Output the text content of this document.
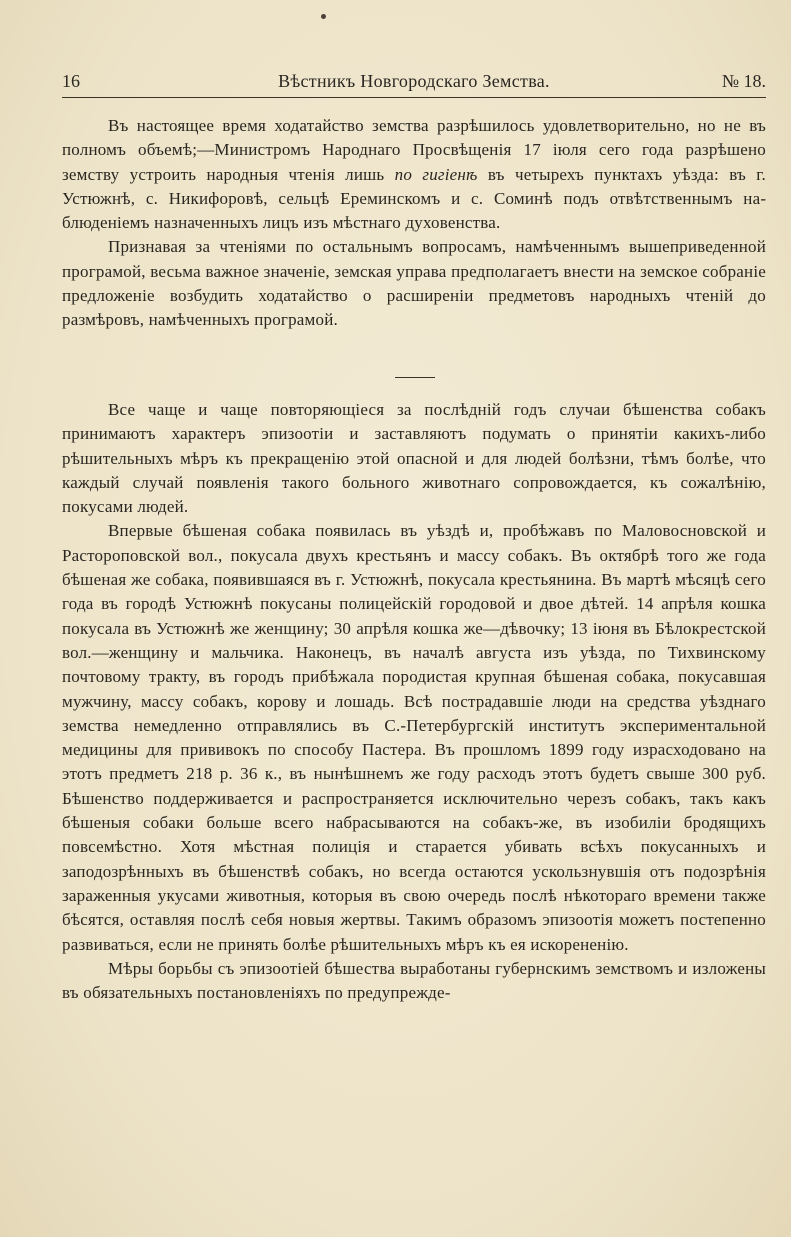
16	Вѣстникъ Новгородскаго Земства.	№ 18.

Въ настоящее время ходатайство земства разрѣшилось удовлетворительно, но не въ полномъ объемѣ;—Министромъ Народнаго Просвѣщенія 17 іюля сего года разрѣшено земству устроить народныя чтенія лишь по гигіенѣ въ четырехъ пунктахъ уѣзда: въ г. Устюжнѣ, с. Никифоровѣ, сельцѣ Ереминскомъ и с. Соминѣ подъ отвѣтственнымъ наблюденіемъ назначенныхъ лицъ изъ мѣстнаго духовенства.

Признавая за чтеніями по остальнымъ вопросамъ, намѣченнымъ вышеприведенной програмой, весьма важное значеніе, земская управа предполагаетъ внести на земское собраніе предложеніе возбудить ходатайство о расширеніи предметовъ народныхъ чтеній до размѣровъ, намѣченныхъ програмой.

Все чаще и чаще повторяющіеся за послѣдній годъ случаи бѣшенства собакъ принимаютъ характеръ эпизоотіи и заставляютъ подумать о принятіи какихъ-либо рѣшительныхъ мѣръ къ прекращенію этой опасной и для людей болѣзни, тѣмъ болѣе, что каждый случай появленія такого больного животнаго сопровождается, къ сожалѣнію, покусами людей.

Впервые бѣшеная собака появилась въ уѣздѣ и, пробѣжавъ по Маловосновской и Растороповской вол., покусала двухъ крестьянъ и массу собакъ. Въ октябрѣ того же года бѣшеная же собака, появившаяся въ г. Устюжнѣ, покусала крестьянина. Въ мартѣ мѣсяцѣ сего года въ городѣ Устюжнѣ покусаны полицейскій городовой и двое дѣтей. 14 апрѣля кошка покусала въ Устюжнѣ же женщину; 30 апрѣля кошка же—дѣвочку; 13 іюня въ Бѣлокрестской вол.—женщину и мальчика. Наконецъ, въ началѣ августа изъ уѣзда, по Тихвинскому почтовому тракту, въ городъ прибѣжала породистая крупная бѣшеная собака, покусавшая мужчину, массу собакъ, корову и лошадь. Всѣ пострадавшіе люди на средства уѣзднаго земства немедленно отправлялись въ С.-Петербургскій институтъ экспериментальной медицины для прививокъ по способу Пастера. Въ прошломъ 1899 году израсходовано на этотъ предметъ 218 р. 36 к., въ нынѣшнемъ же году расходъ этотъ будетъ свыше 300 руб. Бѣшенство поддерживается и распространяется исключительно черезъ собакъ, такъ какъ бѣшеныя собаки больше всего набрасываются на собакъ-же, въ изобиліи бродящихъ повсемѣстно. Хотя мѣстная полиція и старается убивать всѣхъ покусанныхъ и заподозрѣнныхъ въ бѣшенствѣ собакъ, но всегда остаются ускользнувшія отъ подозрѣнія зараженныя укусами животныя, которыя въ свою очередь послѣ нѣкотораго времени также бѣсятся, оставляя послѣ себя новыя жертвы. Такимъ образомъ эпизоотія можетъ постепенно развиваться, если не принять болѣе рѣшительныхъ мѣръ къ ея искорененію.

Мѣры борьбы съ эпизоотіей бѣшества выработаны губернскимъ земствомъ и изложены въ обязательныхъ постановленіяхъ по предупрежде-
